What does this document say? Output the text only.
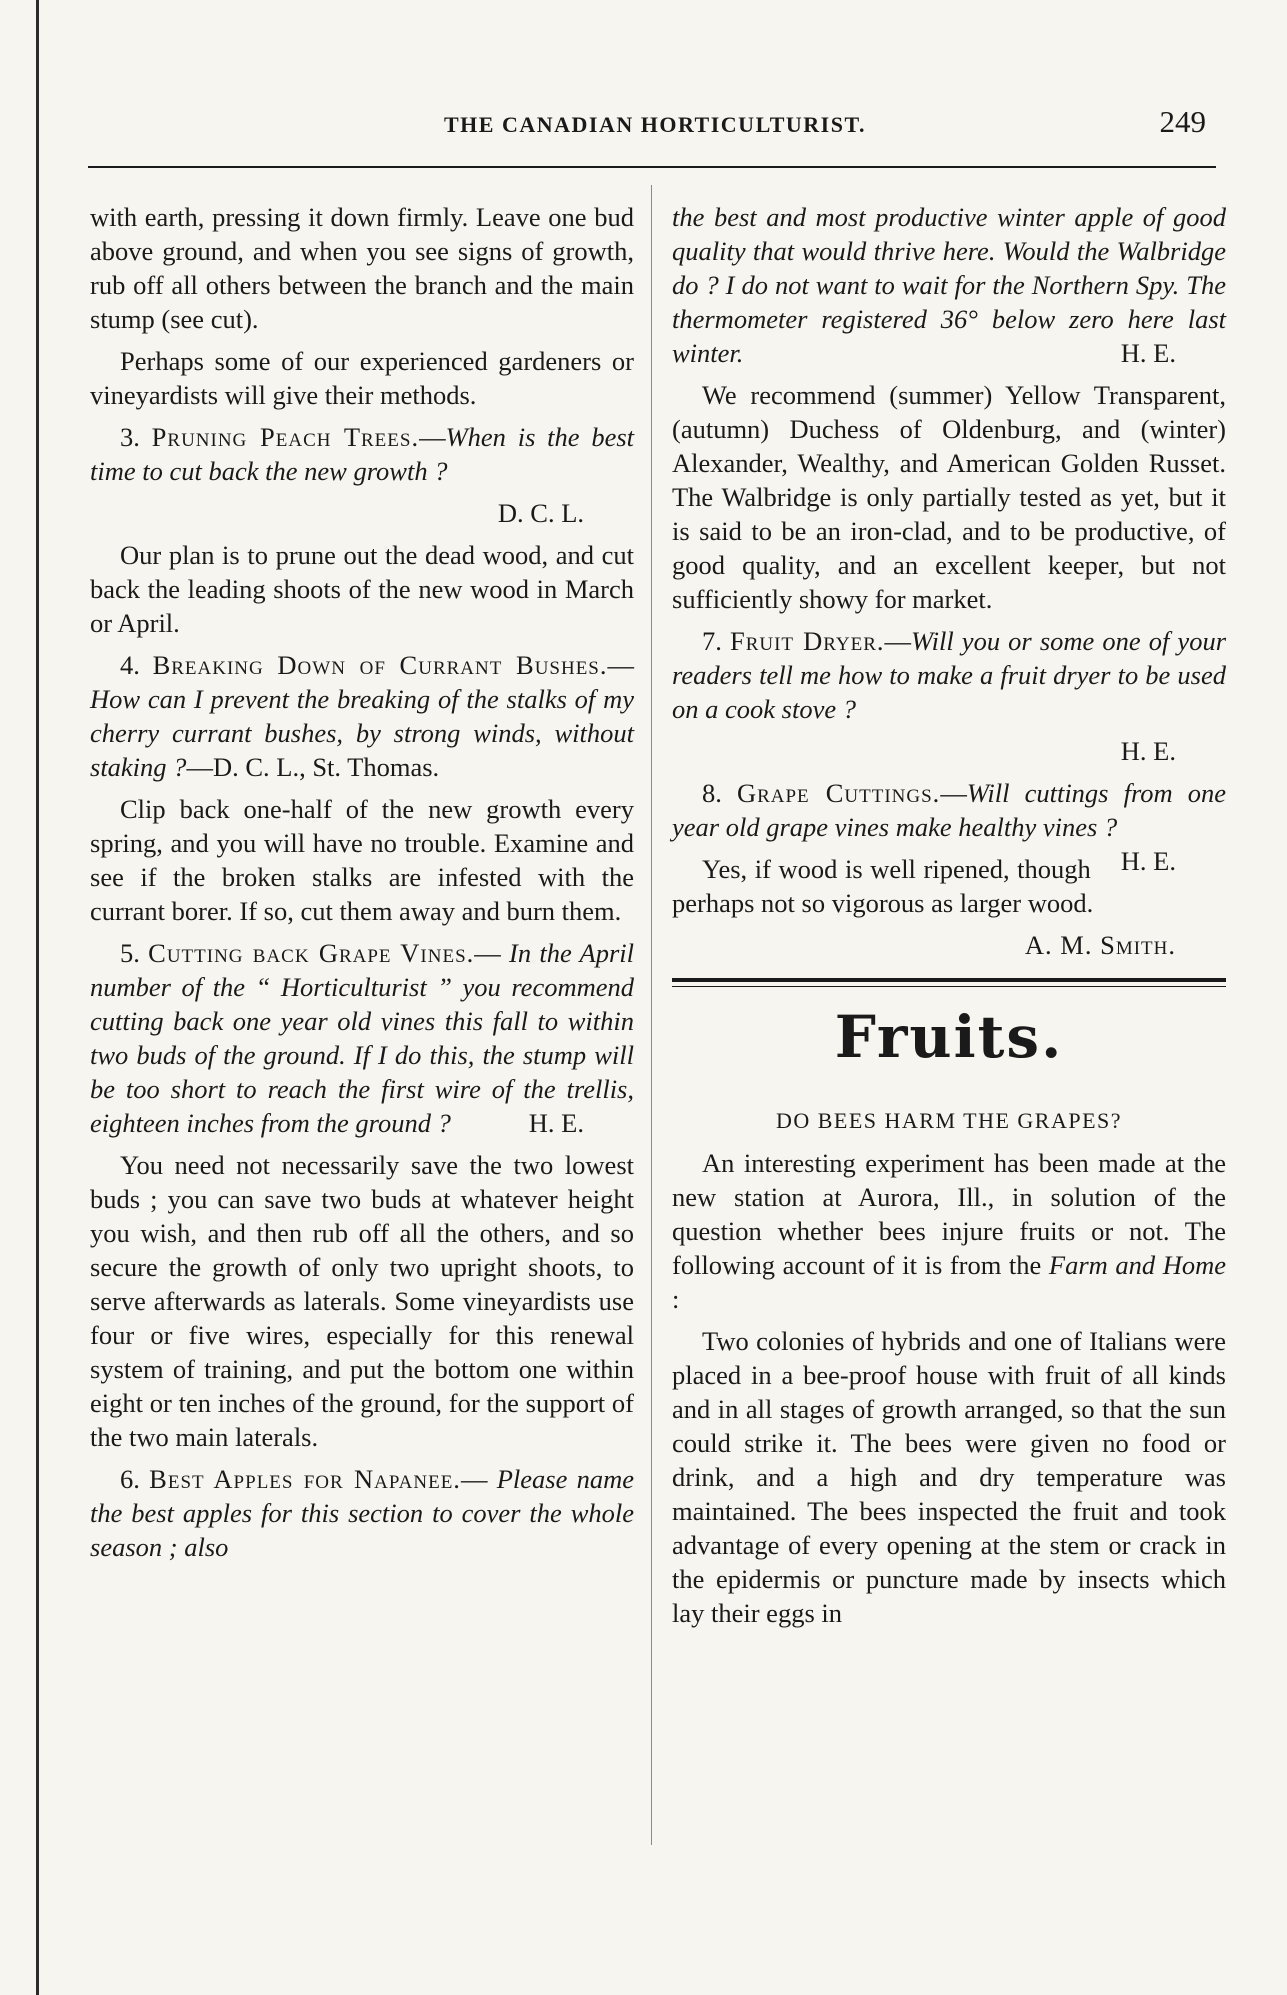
THE CANADIAN HORTICULTURIST.	249

with earth, pressing it down firmly. Leave one bud above ground, and when you see signs of growth, rub off all others between the branch and the main stump (see cut).

Perhaps some of our experienced gardeners or vineyardists will give their methods.

3. Pruning Peach Trees.—When is the best time to cut back the new growth ?

D. C. L.

Our plan is to prune out the dead wood, and cut back the leading shoots of the new wood in March or April.

4. Breaking Down of Currant Bushes.—How can I prevent the breaking of the stalks of my cherry currant bushes, by strong winds, without staking ?—D. C. L., St. Thomas.

Clip back one-half of the new growth every spring, and you will have no trouble. Examine and see if the broken stalks are infested with the currant borer. If so, cut them away and burn them.

5. Cutting back Grape Vines.— In the April number of the “ Horticulturist ” you recommend cutting back one year old vines this fall to within two buds of the ground. If I do this, the stump will be too short to reach the first wire of the trellis, eighteen inches from the ground ?	H. E.

You need not necessarily save the two lowest buds ; you can save two buds at whatever height you wish, and then rub off all the others, and so secure the growth of only two upright shoots, to serve afterwards as laterals. Some vineyardists use four or five wires, especially for this renewal system of training, and put the bottom one within eight or ten inches of the ground, for the support of the two main laterals.

6. Best Apples for Napanee.— Please name the best apples for this section to cover the whole season ; also

the best and most productive winter apple of good quality that would thrive here. Would the Walbridge do ? I do not want to wait for the Northern Spy. The thermometer registered 36° below zero here last winter.	H. E.

We recommend (summer) Yellow Transparent, (autumn) Duchess of Oldenburg, and (winter) Alexander, Wealthy, and American Golden Russet. The Walbridge is only partially tested as yet, but it is said to be an iron-clad, and to be productive, of good quality, and an excellent keeper, but not sufficiently showy for market.

7. Fruit Dryer.—Will you or some one of your readers tell me how to make a fruit dryer to be used on a cook stove ?

H. E.

8. Grape Cuttings.—Will cuttings from one year old grape vines make healthy vines ?
H. E.

Yes, if wood is well ripened, though perhaps not so vigorous as larger wood.

A. M. Smith.
Fruits.
DO BEES HARM THE GRAPES?

An interesting experiment has been made at the new station at Aurora, Ill., in solution of the question whether bees injure fruits or not. The following account of it is from the Farm and Home :

Two colonies of hybrids and one of Italians were placed in a bee-proof house with fruit of all kinds and in all stages of growth arranged, so that the sun could strike it. The bees were given no food or drink, and a high and dry temperature was maintained. The bees inspected the fruit and took advantage of every opening at the stem or crack in the epidermis or puncture made by insects which lay their eggs in
